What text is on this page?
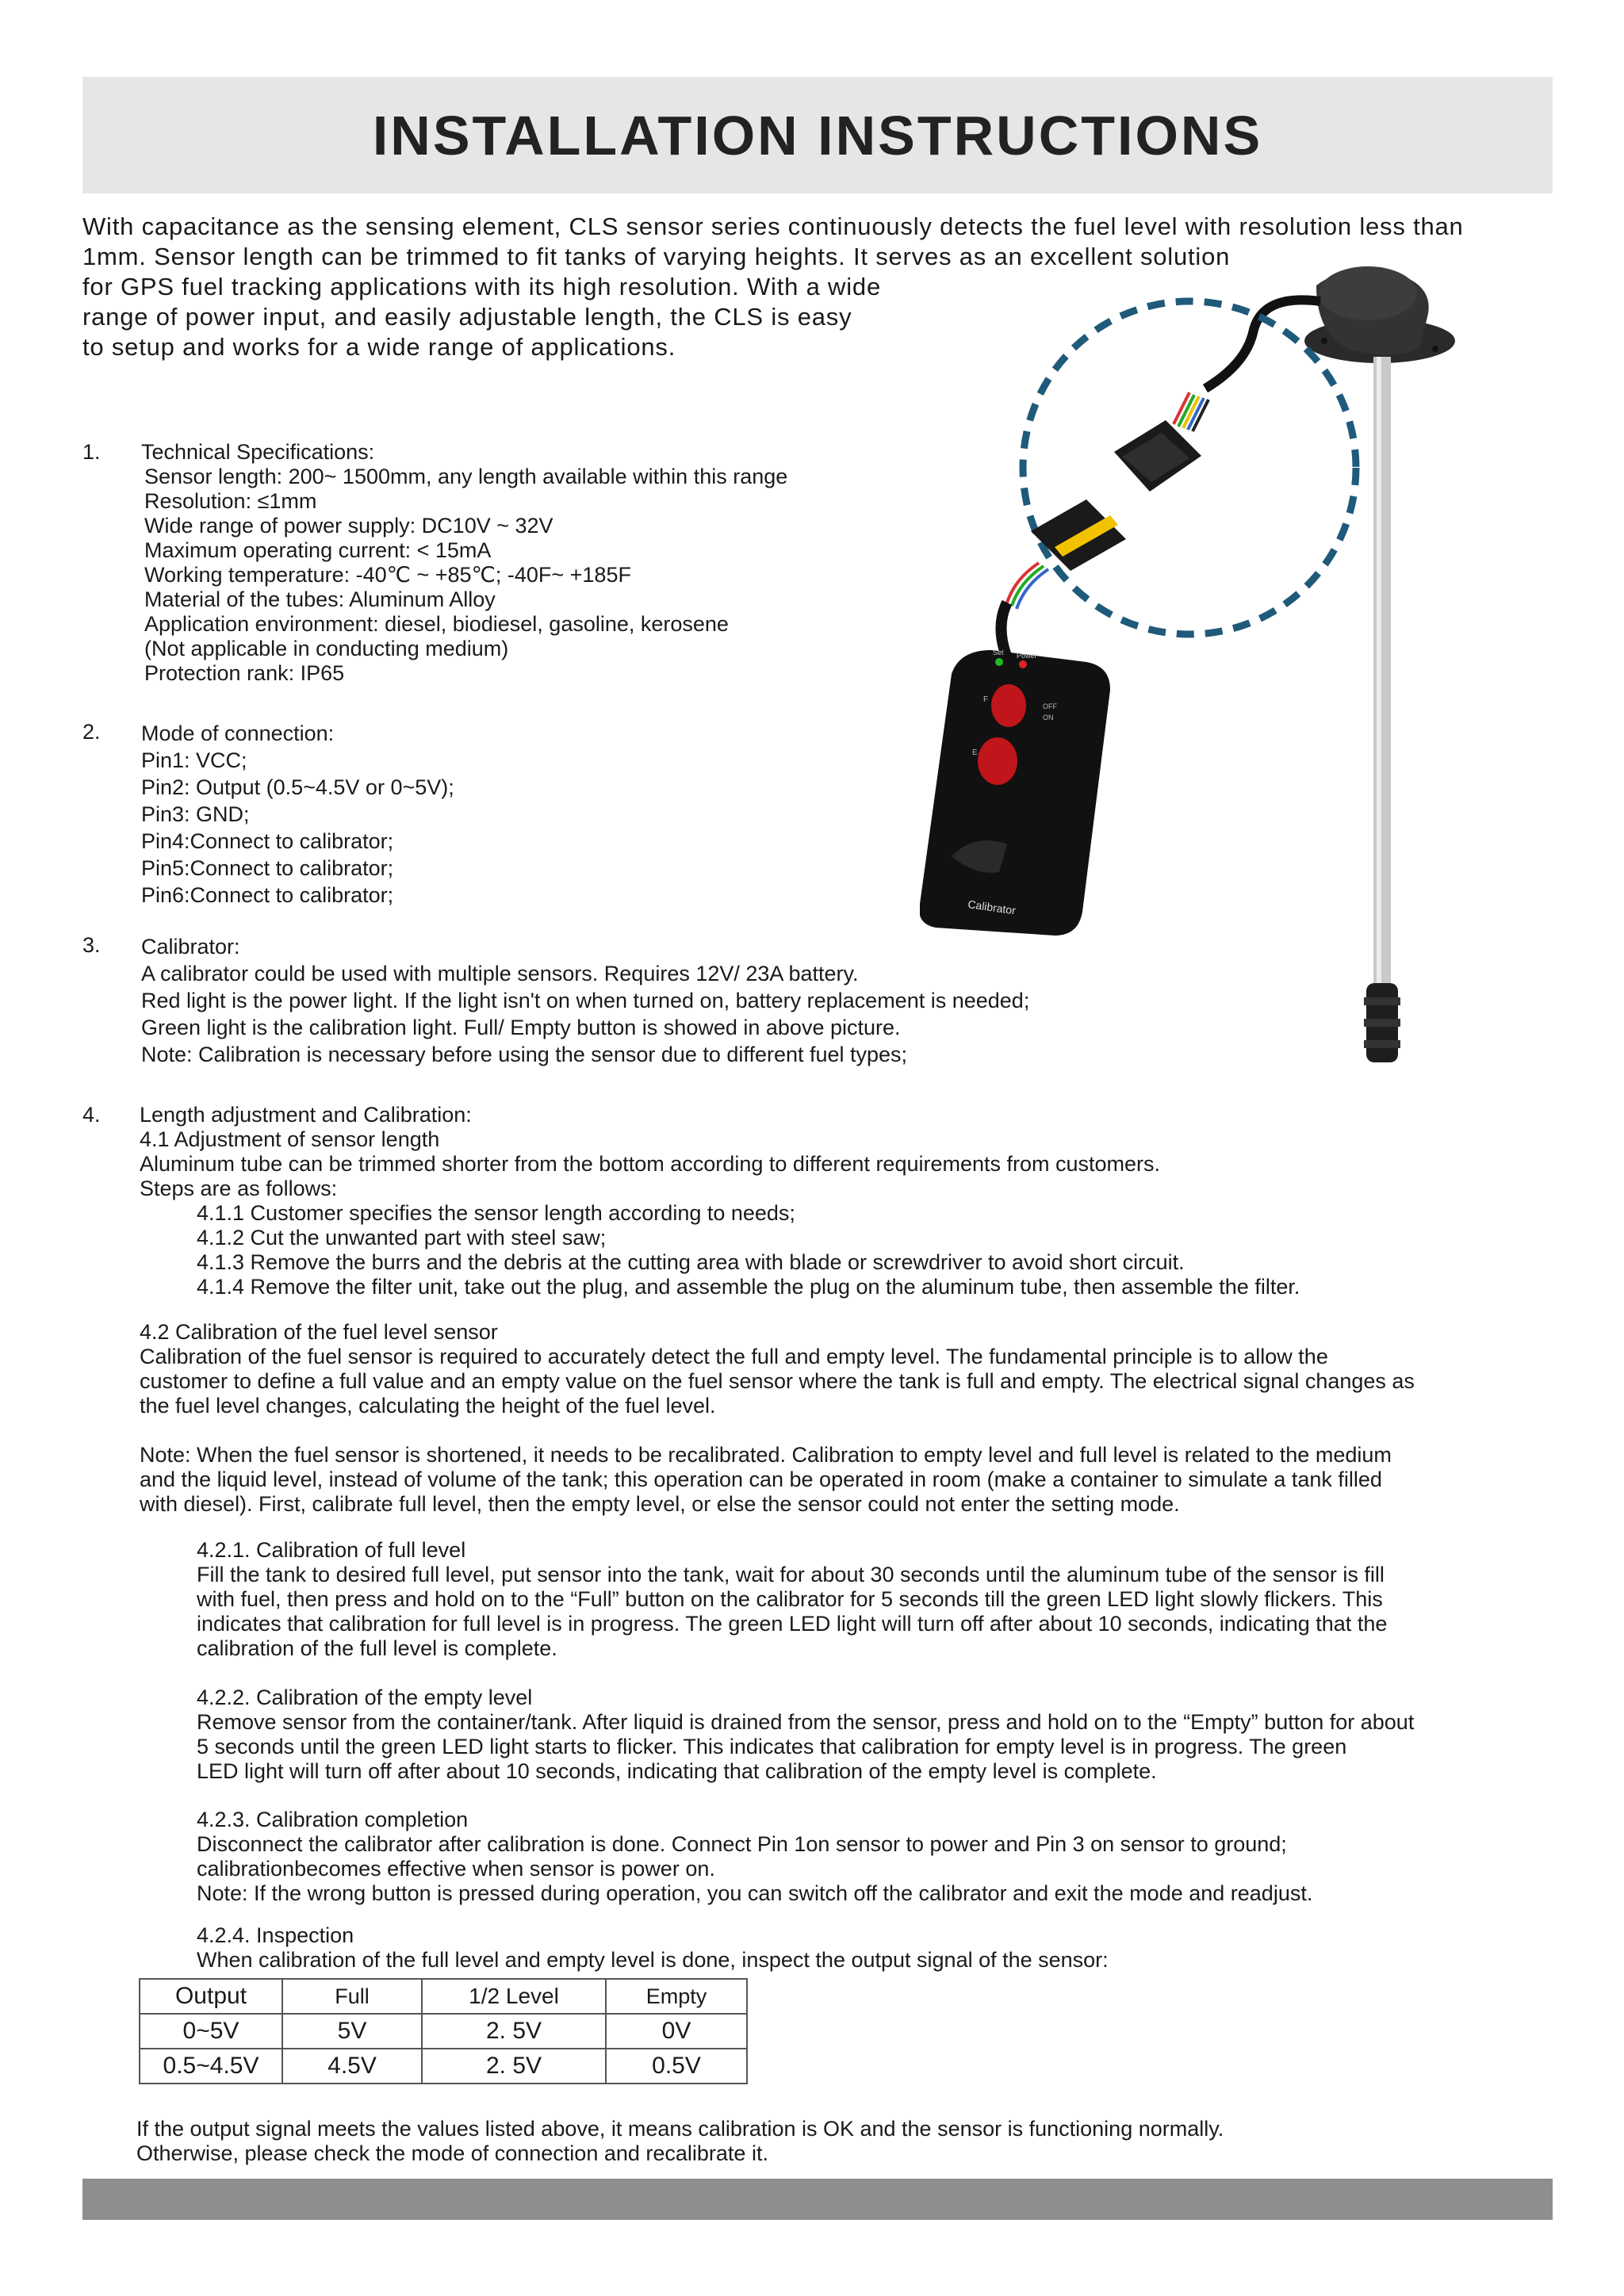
INSTALLATION INSTRUCTIONS
With capacitance as the sensing element, CLS sensor series continuously detects the fuel level with resolution less than
1mm. Sensor length can be trimmed to fit tanks of varying heights. It serves as an excellent solution
for GPS fuel tracking applications with its high resolution. With a wide
range of power input, and easily adjustable length, the CLS is easy
to setup and works for a wide range of applications.
1. Technical Specifications:
Sensor length: 200~ 1500mm, any length available within this range
Resolution: ≤1mm
Wide range of power supply: DC10V ~ 32V
Maximum operating current: < 15mA
Working temperature: -40℃ ~ +85℃; -40F~ +185F
Material of the tubes: Aluminum Alloy
Application environment: diesel, biodiesel, gasoline, kerosene
(Not applicable in conducting medium)
Protection rank: IP65
2. Mode of connection:
Pin1: VCC;
Pin2: Output (0.5~4.5V or 0~5V);
Pin3: GND;
Pin4:Connect to calibrator;
Pin5:Connect to calibrator;
Pin6:Connect to calibrator;
3. Calibrator:
A calibrator could be used with multiple sensors. Requires 12V/ 23A battery.
Red light is the power light. If the light isn't on when turned on, battery replacement is needed;
Green light is the calibration light. Full/ Empty button is showed in above picture.
Note: Calibration is necessary before using the sensor due to different fuel types;
4. Length adjustment and Calibration:
4.1 Adjustment of sensor length
Aluminum tube can be trimmed shorter from the bottom according to different requirements from customers.
Steps are as follows:
4.1.1 Customer specifies the sensor length according to needs;
4.1.2 Cut the unwanted part with steel saw;
4.1.3 Remove the burrs and the debris at the cutting area with blade or screwdriver to avoid short circuit.
4.1.4 Remove the filter unit, take out the plug, and assemble the plug on the aluminum tube, then assemble the filter.
4.2 Calibration of the fuel level sensor
Calibration of the fuel sensor is required to accurately detect the full and empty level. The fundamental principle is to allow the
customer to define a full value and an empty value on the fuel sensor where the tank is full and empty. The electrical signal changes as
the fuel level changes, calculating the height of the fuel level.
Note: When the fuel sensor is shortened, it needs to be recalibrated. Calibration to empty level and full level is related to the medium
and the liquid level, instead of volume of the tank; this operation can be operated in room (make a container to simulate a tank filled
with diesel). First, calibrate full level, then the empty level, or else the sensor could not enter the setting mode.
4.2.1. Calibration of full level
Fill the tank to desired full level, put sensor into the tank, wait for about 30 seconds until the aluminum tube of the sensor is fill
with fuel, then press and hold on to the “Full” button on the calibrator for 5 seconds till the green LED light slowly flickers. This
indicates that calibration for full level is in progress. The green LED light will turn off after about 10 seconds, indicating that the
calibration of the full level is complete.
4.2.2. Calibration of the empty level
Remove sensor from the container/tank. After liquid is drained from the sensor, press and hold on to the “Empty” button for about
5 seconds until the green LED light starts to flicker. This indicates that calibration for empty level is in progress. The green
LED light will turn off after about 10 seconds, indicating that calibration of the empty level is complete.
4.2.3. Calibration completion
Disconnect the calibrator after calibration is done. Connect Pin 1on sensor to power and Pin 3 on sensor to ground;
calibrationbecomes effective when sensor is power on.
Note: If the wrong button is pressed during operation, you can switch off the calibrator and exit the mode and readjust.
4.2.4. Inspection
When calibration of the full level and empty level is done, inspect the output signal of the sensor:
Output	Full	1/2 Level	Empty
0~5V	5V	2. 5V	0V
0.5~4.5V	4.5V	2. 5V	0.5V
If the output signal meets the values listed above, it means calibration is OK and the sensor is functioning normally.
Otherwise, please check the mode of connection and recalibrate it.
Set Power
F
E
OFF
ON
Calibrator
